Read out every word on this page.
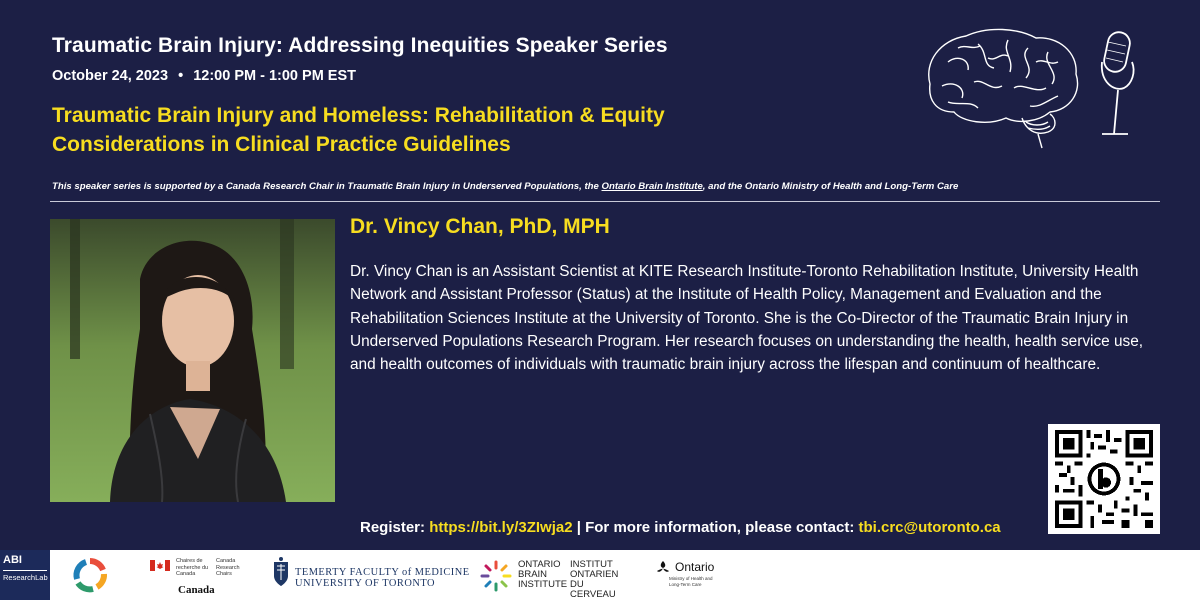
Traumatic Brain Injury: Addressing Inequities Speaker Series
October 24, 2023 • 12:00 PM - 1:00 PM EST
Traumatic Brain Injury and Homeless: Rehabilitation & Equity Considerations in Clinical Practice Guidelines
This speaker series is supported by a Canada Research Chair in Traumatic Brain Injury in Underserved Populations, the Ontario Brain Institute, and the Ontario Ministry of Health and Long-Term Care
Dr. Vincy Chan, PhD, MPH
Dr. Vincy Chan is an Assistant Scientist at KITE Research Institute-Toronto Rehabilitation Institute, University Health Network and Assistant Professor (Status) at the Institute of Health Policy, Management and Evaluation and the Rehabilitation Sciences Institute at the University of Toronto. She is the Co-Director of the Traumatic Brain Injury in Underserved Populations Research Program. Her research focuses on understanding the health, health service use, and health outcomes of individuals with traumatic brain injury across the lifespan and continuum of healthcare.
Register: https://bit.ly/3ZIwja2 | For more information, please contact: tbi.crc@utoronto.ca
ABI
ResearchLab
Chaires de recherche du Canada
Canada Research Chairs
Canada
TEMERTY FACULTY of MEDICINE
UNIVERSITY OF TORONTO
ONTARIO BRAIN INSTITUTE
INSTITUT ONTARIEN DU CERVEAU
Ontario
Ministry of Health and Long-Term Care
